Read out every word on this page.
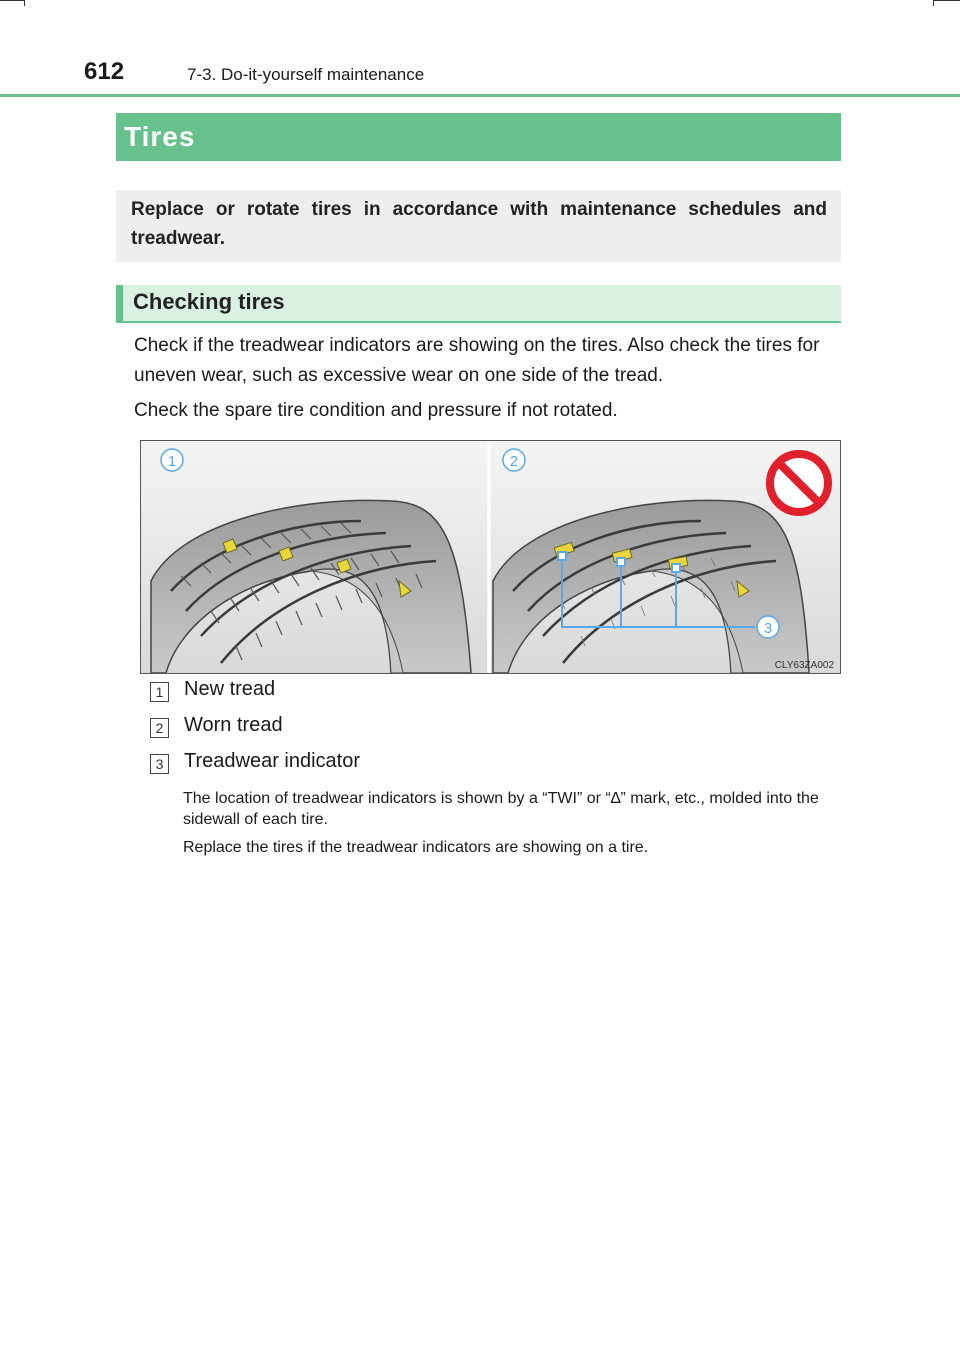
612	7-3. Do-it-yourself maintenance
Tires

Replace or rotate tires in accordance with maintenance schedules and treadwear.

Checking tires

Check if the treadwear indicators are showing on the tires. Also check the tires for uneven wear, such as excessive wear on one side of the tread.

Check the spare tire condition and pressure if not rotated.

1	2
3
CLY63ZA002
1 New tread
2 Worn tread
3 Treadwear indicator

The location of treadwear indicators is shown by a “TWI” or “∆” mark, etc., molded into the sidewall of each tire.

Replace the tires if the treadwear indicators are showing on a tire.
